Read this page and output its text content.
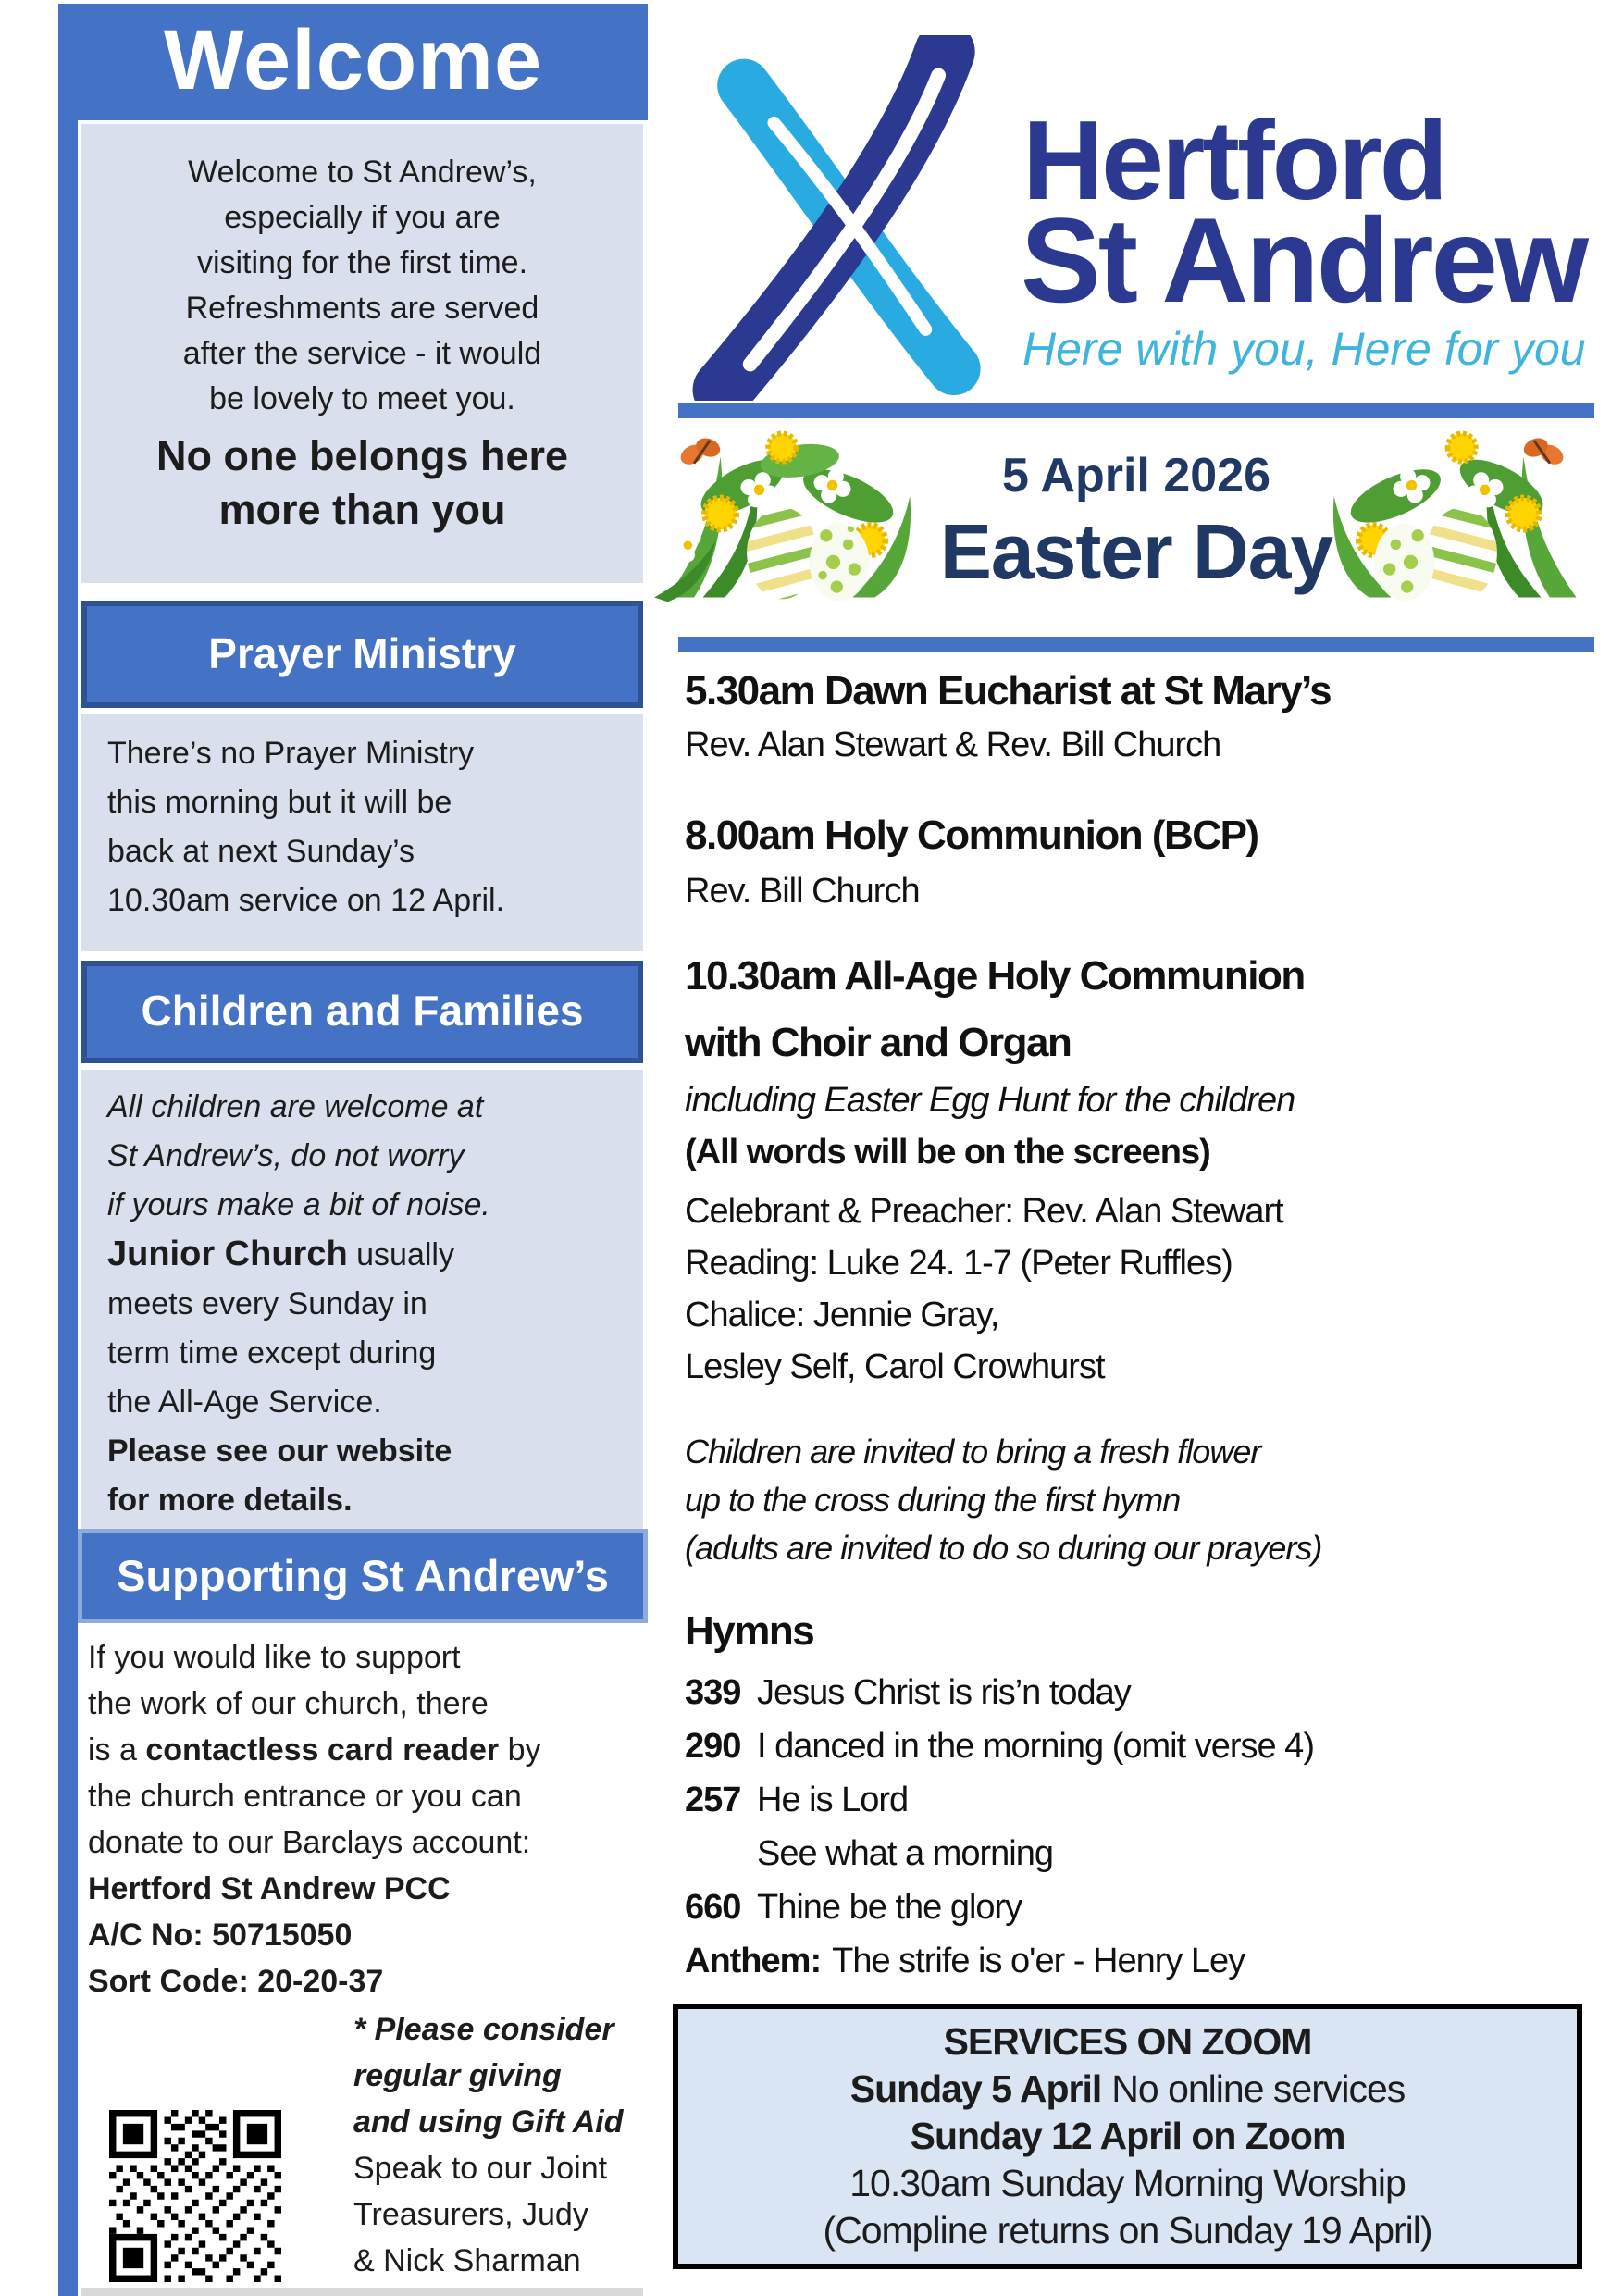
Welcome
Welcome to St Andrew’s,
especially if you are
visiting for the first time.
Refreshments are served
after the service - it would
be lovely to meet you.
No one belongs here
more than you
Prayer Ministry
There’s no Prayer Ministry
this morning but it will be
back at next Sunday’s
10.30am service on 12 April.
Children and Families
All children are welcome at
St Andrew’s, do not worry
if yours make a bit of noise.
Junior Church usually
meets every Sunday in
term time except during
the All-Age Service.
Please see our website
for more details.
Supporting St Andrew’s
If you would like to support
the work of our church, there
is a contactless card reader by
the church entrance or you can
donate to our Barclays account:
Hertford St Andrew PCC
A/C No: 50715050
Sort Code: 20-20-37
* Please consider
regular giving
and using Gift Aid
Speak to our Joint
Treasurers, Judy
& Nick Sharman
Hertford
St Andrew
Here with you, Here for you
5 April 2026
Easter Day
5.30am Dawn Eucharist at St Mary’s
Rev. Alan Stewart & Rev. Bill Church
8.00am Holy Communion (BCP)
Rev. Bill Church
10.30am All-Age Holy Communion
with Choir and Organ
including Easter Egg Hunt for the children
(All words will be on the screens)
Celebrant & Preacher: Rev. Alan Stewart
Reading: Luke 24. 1-7 (Peter Ruffles)
Chalice: Jennie Gray,
Lesley Self, Carol Crowhurst
Children are invited to bring a fresh flower
up to the cross during the first hymn
(adults are invited to do so during our prayers)
Hymns
339 Jesus Christ is ris’n today
290 I danced in the morning (omit verse 4)
257 He is Lord
See what a morning
660 Thine be the glory
Anthem: The strife is o'er - Henry Ley
SERVICES ON ZOOM
Sunday 5 April No online services
Sunday 12 April on Zoom
10.30am Sunday Morning Worship
(Compline returns on Sunday 19 April)
